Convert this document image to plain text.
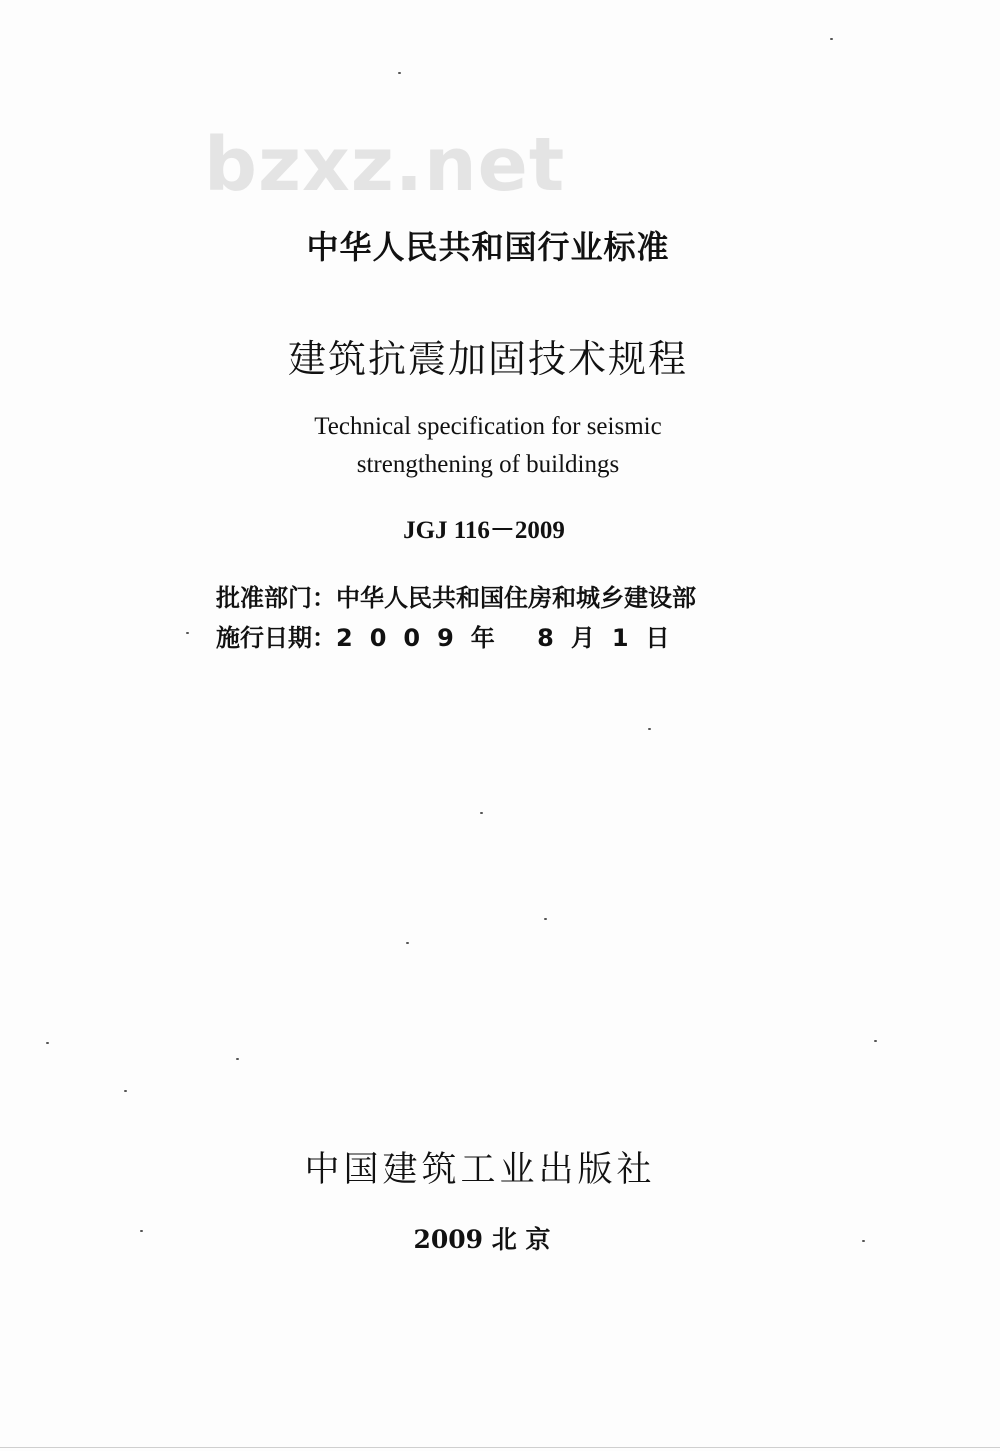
bzxz.net
中华人民共和国行业标准
建筑抗震加固技术规程
Technical specification for seismic
strengthening of buildings
JGJ 116－2009
批准部门： 中华人民共和国住房和城乡建设部
施行日期： 2009年 8月1日
中国建筑工业出版社
2009 北 京
